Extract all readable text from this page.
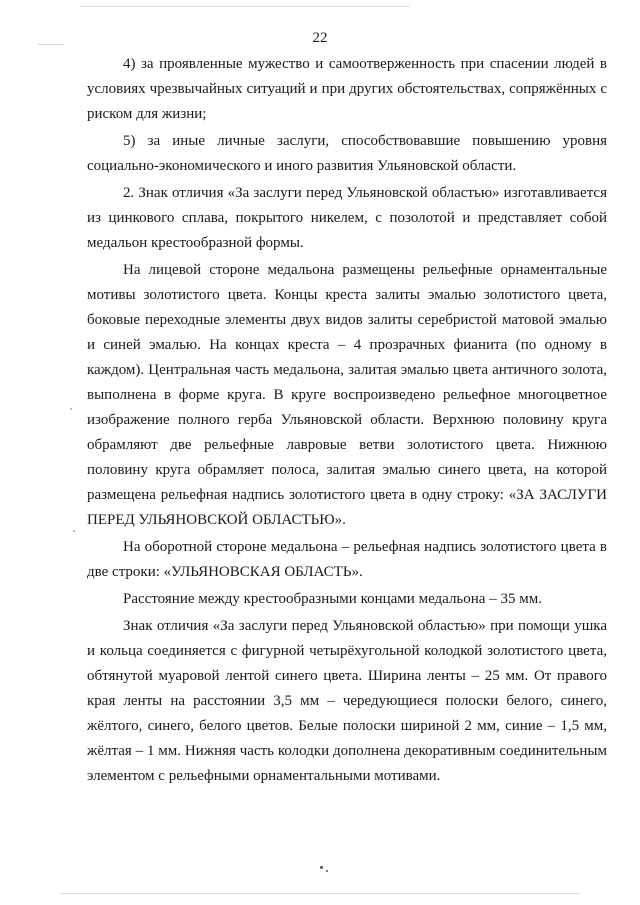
22

4) за проявленные мужество и самоотверженность при спасении людей в условиях чрезвычайных ситуаций и при других обстоятельствах, сопряжённых с риском для жизни;

5) за иные личные заслуги, способствовавшие повышению уровня социально-экономического и иного развития Ульяновской области.

2. Знак отличия «За заслуги перед Ульяновской областью» изготавливается из цинкового сплава, покрытого никелем, с позолотой и представляет собой медальон крестообразной формы.

На лицевой стороне медальона размещены рельефные орнаментальные мотивы золотистого цвета. Концы креста залиты эмалью золотистого цвета, боковые переходные элементы двух видов залиты серебристой матовой эмалью и синей эмалью. На концах креста – 4 прозрачных фианита (по одному в каждом). Центральная часть медальона, залитая эмалью цвета античного золота, выполнена в форме круга. В круге воспроизведено рельефное многоцветное изображение полного герба Ульяновской области. Верхнюю половину круга обрамляют две рельефные лавровые ветви золотистого цвета. Нижнюю половину круга обрамляет полоса, залитая эмалью синего цвета, на которой размещена рельефная надпись золотистого цвета в одну строку: «ЗА ЗАСЛУГИ ПЕРЕД УЛЬЯНОВСКОЙ ОБЛАСТЬЮ».

На оборотной стороне медальона – рельефная надпись золотистого цвета в две строки: «УЛЬЯНОВСКАЯ ОБЛАСТЬ».

Расстояние между крестообразными концами медальона – 35 мм.

Знак отличия «За заслуги перед Ульяновской областью» при помощи ушка и кольца соединяется с фигурной четырёхугольной колодкой золотистого цвета, обтянутой муаровой лентой синего цвета. Ширина ленты – 25 мм. От правого края ленты на расстоянии 3,5 мм – чередующиеся полоски белого, синего, жёлтого, синего, белого цветов. Белые полоски шириной 2 мм, синие – 1,5 мм, жёлтая – 1 мм. Нижняя часть колодки дополнена декоративным соединительным элементом с рельефными орнаментальными мотивами.
